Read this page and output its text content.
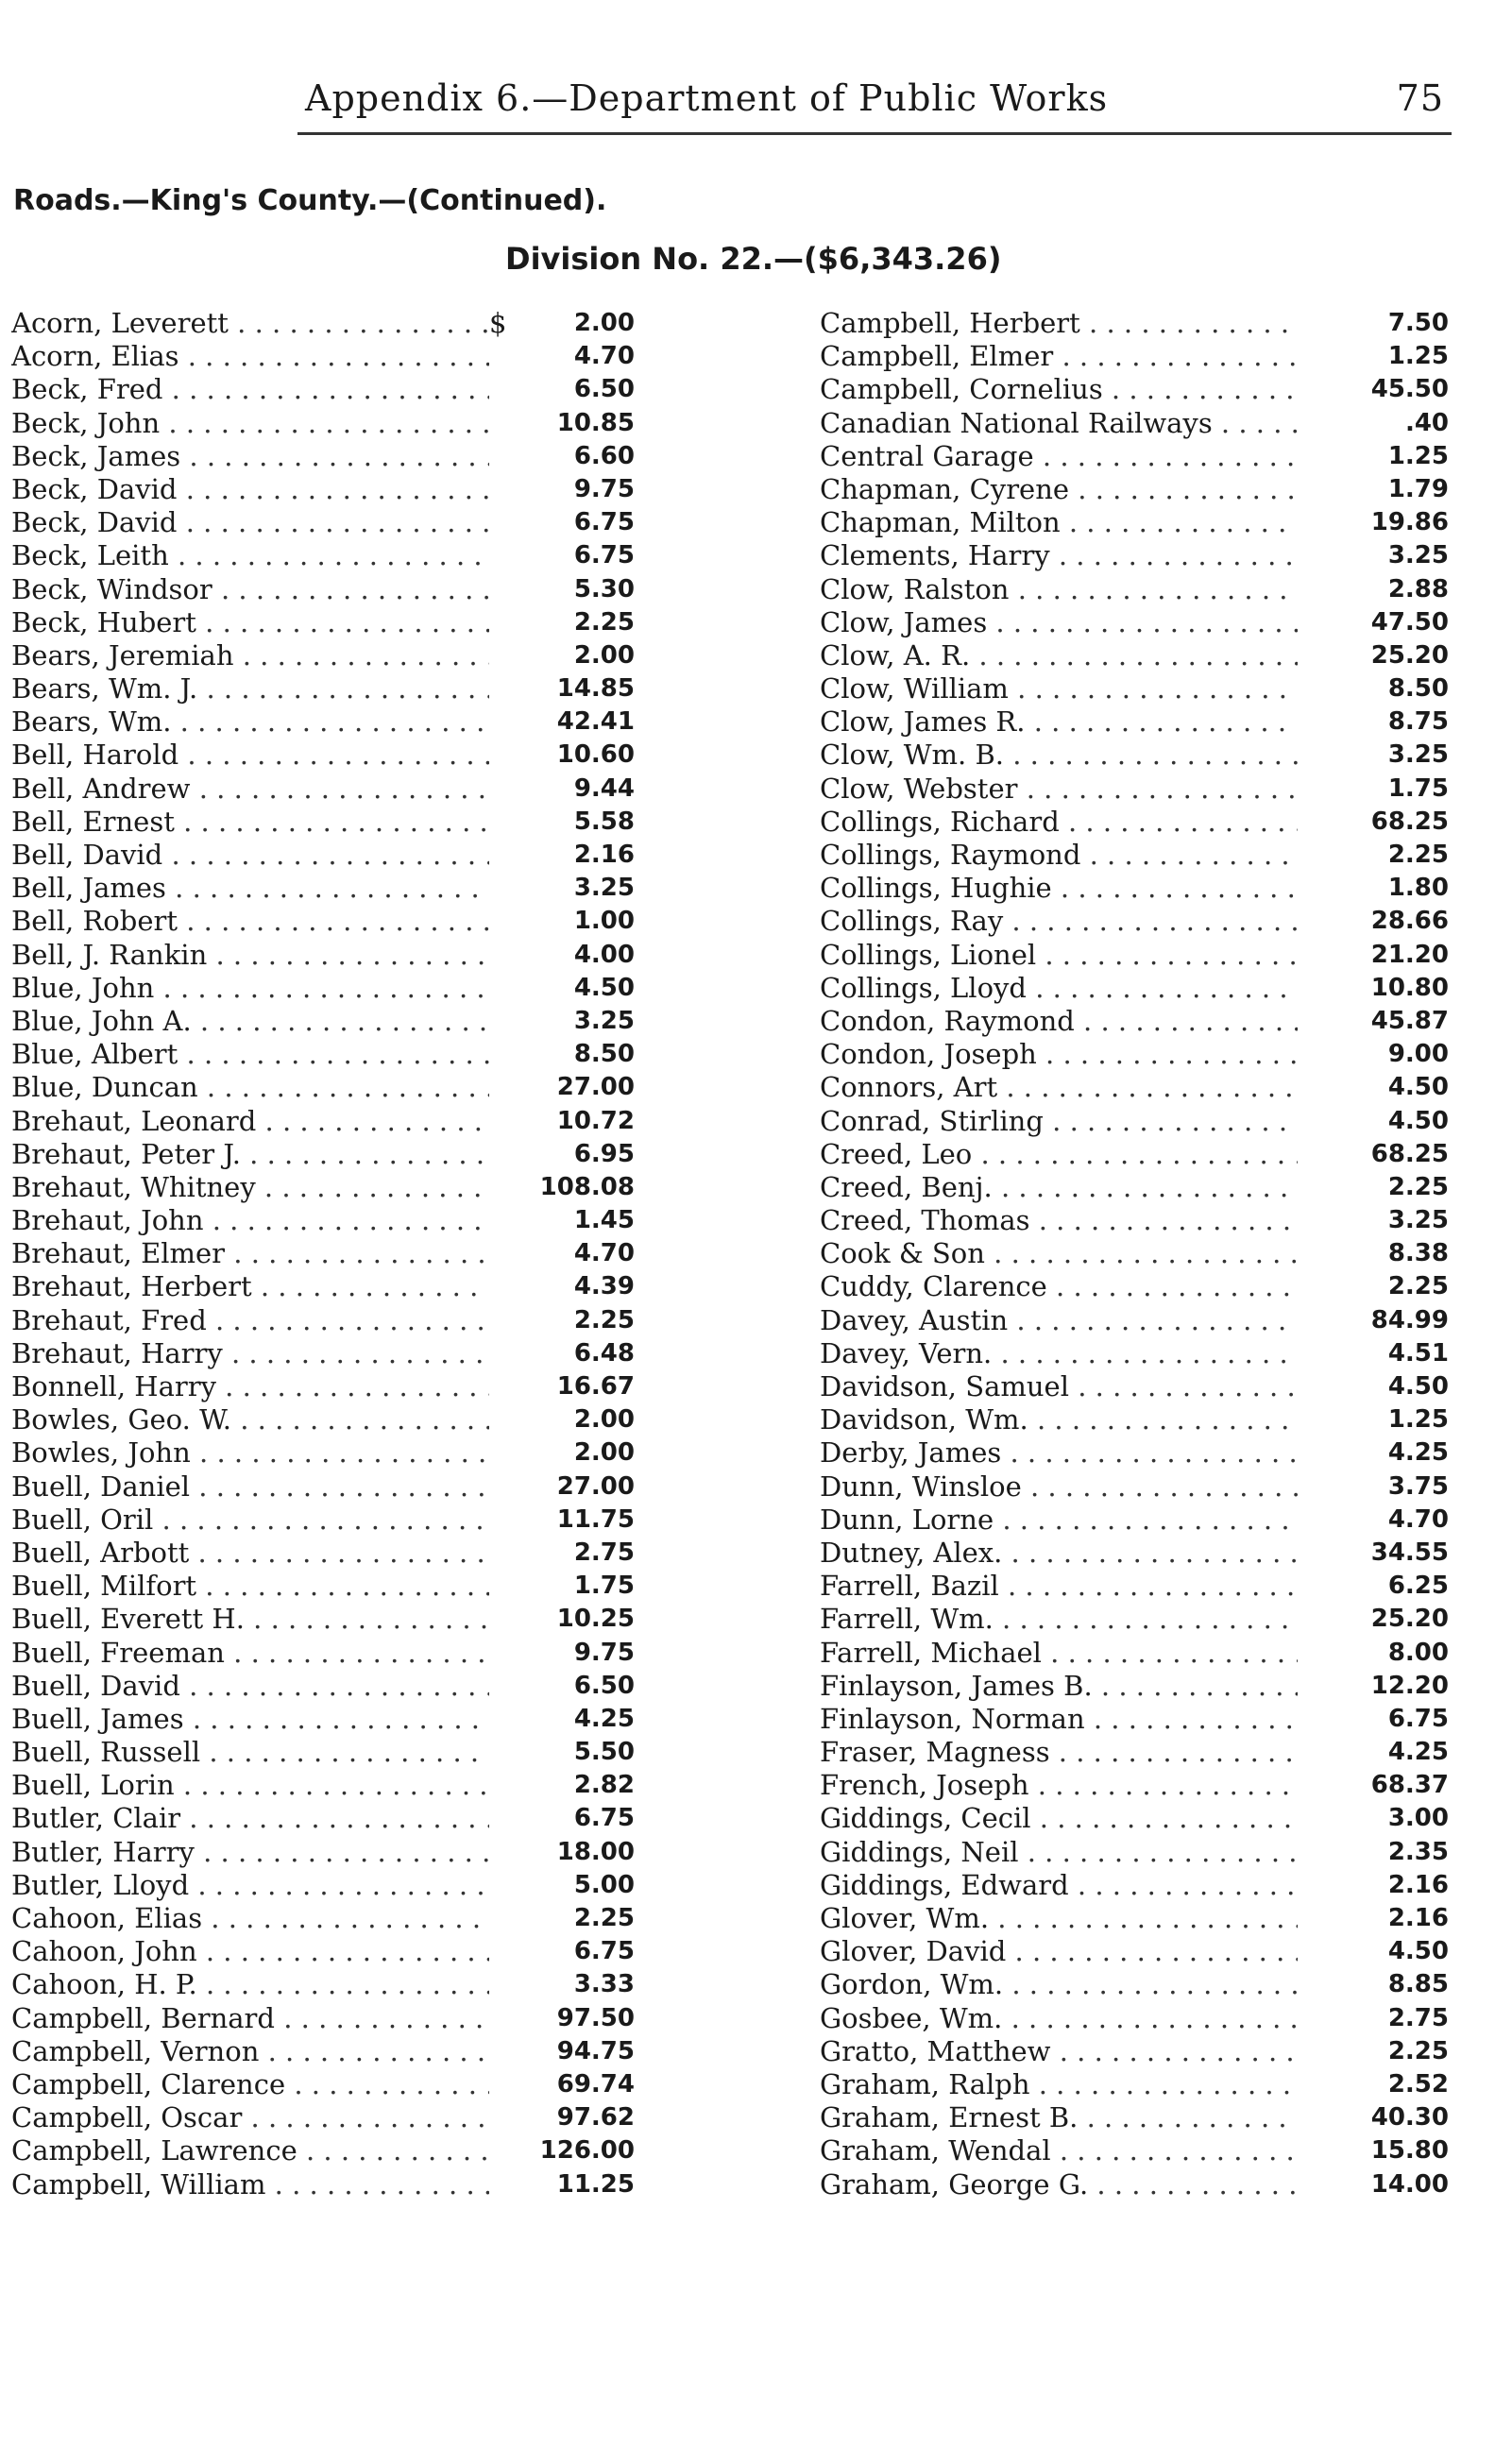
Appendix 6.—Department of Public Works	75
Roads.—King's County.—(Continued).
Division No. 22.—($6,343.26)
Acorn, Leverett . . .	$	2.00
Acorn, Elias . . .	4.70
Beck, Fred . . .	6.50
Beck, John . . .	10.85
Beck, James . . .	6.60
Beck, David . . .	9.75
Beck, David . . .	6.75
Beck, Leith . . .	6.75
Beck, Windsor . . .	5.30
Beck, Hubert . . .	2.25
Bears, Jeremiah . . .	2.00
Bears, Wm. J. . . .	14.85
Bears, Wm. . . .	42.41
Bell, Harold . . .	10.60
Bell, Andrew . . .	9.44
Bell, Ernest . . .	5.58
Bell, David . . .	2.16
Bell, James . . .	3.25
Bell, Robert . . .	1.00
Bell, J. Rankin . . .	4.00
Blue, John . . .	4.50
Blue, John A. . . .	3.25
Blue, Albert . . .	8.50
Blue, Duncan . . .	27.00
Brehaut, Leonard . . .	10.72
Brehaut, Peter J. . . .	6.95
Brehaut, Whitney . . .	108.08
Brehaut, John . . .	1.45
Brehaut, Elmer . . .	4.70
Brehaut, Herbert . . .	4.39
Brehaut, Fred . . .	2.25
Brehaut, Harry . . .	6.48
Bonnell, Harry . . .	16.67
Bowles, Geo. W. . . .	2.00
Bowles, John . . .	2.00
Buell, Daniel . . .	27.00
Buell, Oril . . .	11.75
Buell, Arbott . . .	2.75
Buell, Milfort . . .	1.75
Buell, Everett H. . . .	10.25
Buell, Freeman . . .	9.75
Buell, David . . .	6.50
Buell, James . . .	4.25
Buell, Russell . . .	5.50
Buell, Lorin . . .	2.82
Butler, Clair . . .	6.75
Butler, Harry . . .	18.00
Butler, Lloyd . . .	5.00
Cahoon, Elias . . .	2.25
Cahoon, John . . .	6.75
Cahoon, H. P. . . .	3.33
Campbell, Bernard . . .	97.50
Campbell, Vernon . . .	94.75
Campbell, Clarence . . .	69.74
Campbell, Oscar . . .	97.62
Campbell, Lawrence . . .	126.00
Campbell, William . . .	11.25
Campbell, Herbert . . .	7.50
Campbell, Elmer . . .	1.25
Campbell, Cornelius . . .	45.50
Canadian National Railways . . .	.40
Central Garage . . .	1.25
Chapman, Cyrene . . .	1.79
Chapman, Milton . . .	19.86
Clements, Harry . . .	3.25
Clow, Ralston . . .	2.88
Clow, James . . .	47.50
Clow, A. R. . . .	25.20
Clow, William . . .	8.50
Clow, James R. . . .	8.75
Clow, Wm. B. . . .	3.25
Clow, Webster . . .	1.75
Collings, Richard . . .	68.25
Collings, Raymond . . .	2.25
Collings, Hughie . . .	1.80
Collings, Ray . . .	28.66
Collings, Lionel . . .	21.20
Collings, Lloyd . . .	10.80
Condon, Raymond . . .	45.87
Condon, Joseph . . .	9.00
Connors, Art . . .	4.50
Conrad, Stirling . . .	4.50
Creed, Leo . . .	68.25
Creed, Benj. . . .	2.25
Creed, Thomas . . .	3.25
Cook & Son . . .	8.38
Cuddy, Clarence . . .	2.25
Davey, Austin . . .	84.99
Davey, Vern. . . .	4.51
Davidson, Samuel . . .	4.50
Davidson, Wm. . . .	1.25
Derby, James . . .	4.25
Dunn, Winsloe . . .	3.75
Dunn, Lorne . . .	4.70
Dutney, Alex. . . .	34.55
Farrell, Bazil . . .	6.25
Farrell, Wm. . . .	25.20
Farrell, Michael . . .	8.00
Finlayson, James B. . . .	12.20
Finlayson, Norman . . .	6.75
Fraser, Magness . . .	4.25
French, Joseph . . .	68.37
Giddings, Cecil . . .	3.00
Giddings, Neil . . .	2.35
Giddings, Edward . . .	2.16
Glover, Wm. . . .	2.16
Glover, David . . .	4.50
Gordon, Wm. . . .	8.85
Gosbee, Wm. . . .	2.75
Gratto, Matthew . . .	2.25
Graham, Ralph . . .	2.52
Graham, Ernest B. . . .	40.30
Graham, Wendal . . .	15.80
Graham, George G. . . .	14.00
